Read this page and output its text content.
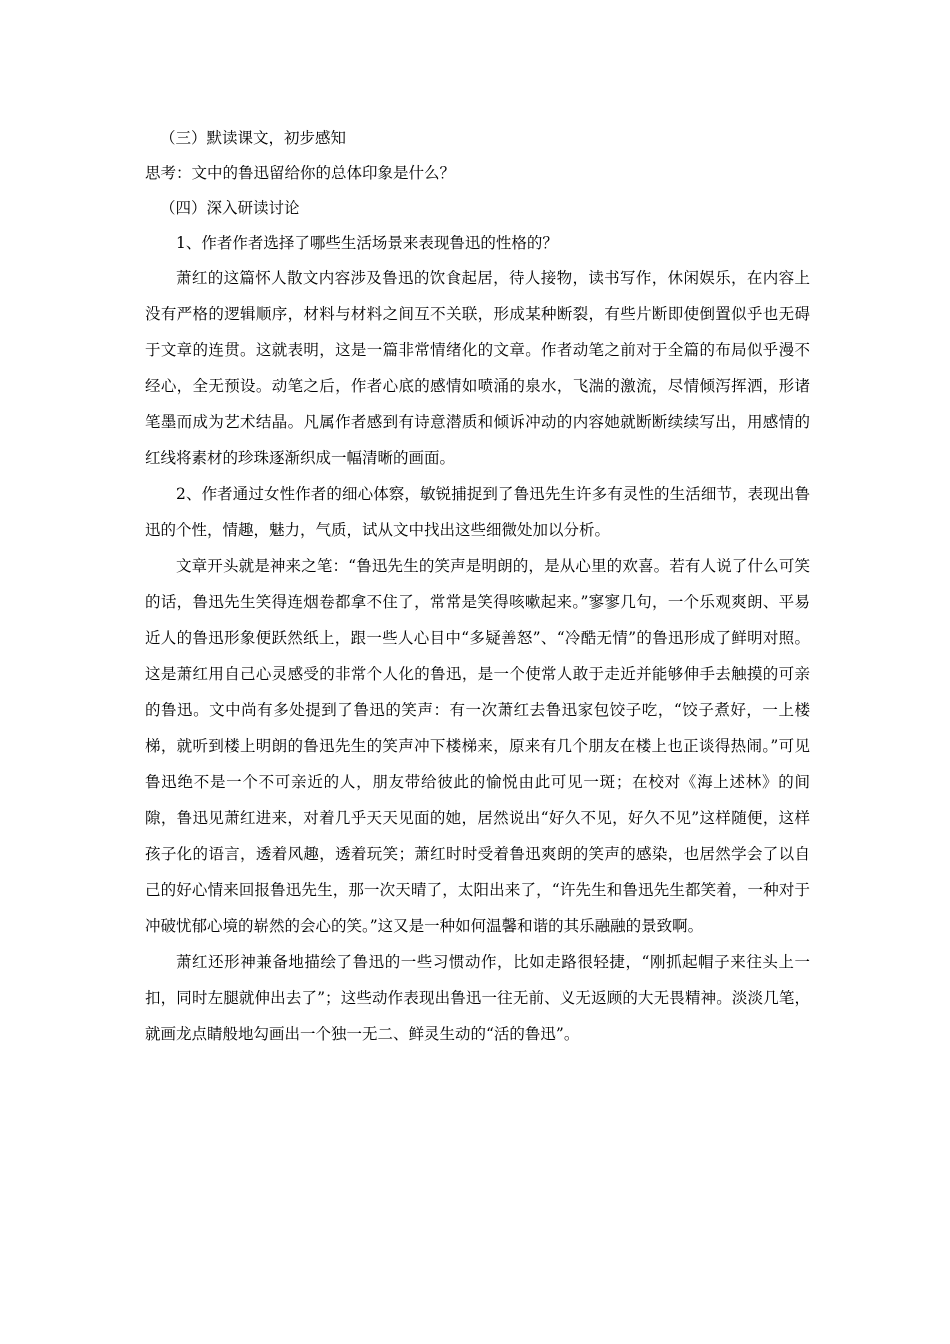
（三）默读课文，初步感知
思考：文中的鲁迅留给你的总体印象是什么？
（四）深入研读讨论
1、作者作者选择了哪些生活场景来表现鲁迅的性格的？

萧红的这篇怀人散文内容涉及鲁迅的饮食起居，待人接物，读书写作，休闲娱乐，在内容上没有严格的逻辑顺序，材料与材料之间互不关联，形成某种断裂，有些片断即使倒置似乎也无碍于文章的连贯。这就表明，这是一篇非常情绪化的文章。作者动笔之前对于全篇的布局似乎漫不经心，全无预设。动笔之后，作者心底的感情如喷涌的泉水，飞湍的激流，尽情倾泻挥洒，形诸笔墨而成为艺术结晶。凡属作者感到有诗意潜质和倾诉冲动的内容她就断断续续写出，用感情的红线将素材的珍珠逐渐织成一幅清晰的画面。

2、作者通过女性作者的细心体察，敏锐捕捉到了鲁迅先生许多有灵性的生活细节，表现出鲁迅的个性，情趣，魅力，气质，试从文中找出这些细微处加以分析。

文章开头就是神来之笔：“鲁迅先生的笑声是明朗的，是从心里的欢喜。若有人说了什么可笑的话，鲁迅先生笑得连烟卷都拿不住了，常常是笑得咳嗽起来。”寥寥几句，一个乐观爽朗、平易近人的鲁迅形象便跃然纸上，跟一些人心目中“多疑善怒”、“冷酷无情”的鲁迅形成了鲜明对照。这是萧红用自己心灵感受的非常个人化的鲁迅，是一个使常人敢于走近并能够伸手去触摸的可亲的鲁迅。文中尚有多处提到了鲁迅的笑声：有一次萧红去鲁迅家包饺子吃，“饺子煮好，一上楼梯，就听到楼上明朗的鲁迅先生的笑声冲下楼梯来，原来有几个朋友在楼上也正谈得热闹。”可见鲁迅绝不是一个不可亲近的人，朋友带给彼此的愉悦由此可见一斑；在校对《海上述林》的间隙，鲁迅见萧红进来，对着几乎天天见面的她，居然说出“好久不见，好久不见”这样随便，这样孩子化的语言，透着风趣，透着玩笑；萧红时时受着鲁迅爽朗的笑声的感染，也居然学会了以自己的好心情来回报鲁迅先生，那一次天晴了，太阳出来了，“许先生和鲁迅先生都笑着，一种对于冲破忧郁心境的崭然的会心的笑。”这又是一种如何温馨和谐的其乐融融的景致啊。

萧红还形神兼备地描绘了鲁迅的一些习惯动作，比如走路很轻捷，“刚抓起帽子来往头上一扣，同时左腿就伸出去了”；这些动作表现出鲁迅一往无前、义无返顾的大无畏精神。淡淡几笔，就画龙点睛般地勾画出一个独一无二、鲜灵生动的“活的鲁迅”。
